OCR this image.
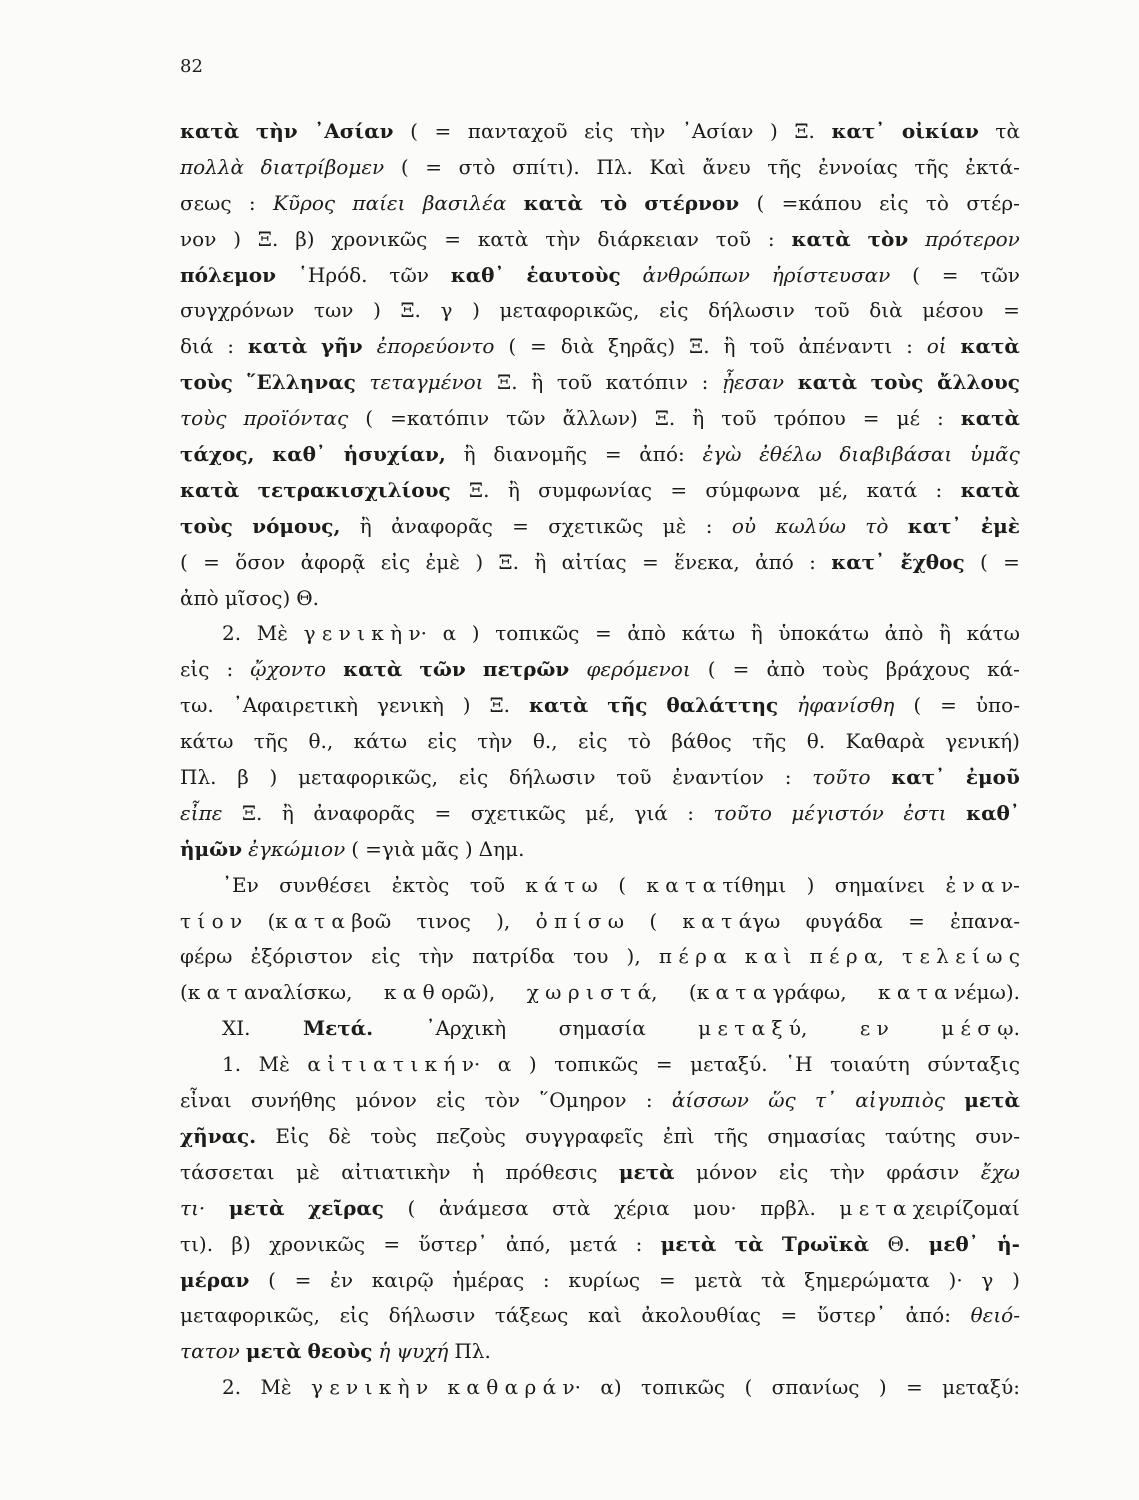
82
κατὰ τὴν ᾽Ασίαν ( = πανταχοῦ εἰς τὴν ᾽Ασίαν ) Ξ. κατ᾽ οἰκίαν τὰ
πολλὰ διατρίβομεν ( = στὸ σπίτι). Πλ. Καὶ ἄνευ τῆς ἐννοίας τῆς ἐκτά-
σεως : Κῦρος παίει βασιλέα κατὰ τὸ στέρνον ( =κάπου εἰς τὸ στέρ-
νον ) Ξ. β) χρονικῶς = κατὰ τὴν διάρκειαν τοῦ : κατὰ τὸν πρότερον
πόλεμον ῾Ηρόδ. τῶν καθ᾽ ἑαυτοὺς ἀνθρώπων ἠρίστευσαν ( = τῶν
συγχρόνων των ) Ξ. γ ) μεταφορικῶς, εἰς δήλωσιν τοῦ διὰ μέσου =
διά : κατὰ γῆν ἐπορεύοντο ( = διὰ ξηρᾶς) Ξ. ἢ τοῦ ἀπέναντι : οἱ κατὰ
τοὺς ῞Ελληνας τεταγμένοι Ξ. ἢ τοῦ κατόπιν : ᾖεσαν κατὰ τοὺς ἄλλους
τοὺς προϊόντας ( =κατόπιν τῶν ἄλλων) Ξ. ἢ τοῦ τρόπου = μέ : κατὰ
τάχος, καθ᾽ ἡσυχίαν, ἢ διανομῆς = ἀπό: ἐγὼ ἐθέλω διαβιβάσαι ὑμᾶς
κατὰ τετρακισχιλίους Ξ. ἢ συμφωνίας = σύμφωνα μέ, κατά : κατὰ
τοὺς νόμους, ἢ ἀναφορᾶς = σχετικῶς μὲ : οὐ κωλύω τὸ κατ᾽ ἐμὲ
( = ὅσον ἀφορᾷ εἰς ἐμὲ ) Ξ. ἢ αἰτίας = ἕνεκα, ἀπό : κατ᾽ ἔχθος ( =
ἀπὸ μῖσος) Θ.
2. Μὲ γ ε ν ι κ ὴ ν· α ) τοπικῶς = ἀπὸ κάτω ἢ ὑποκάτω ἀπὸ ἢ κάτω
εἰς : ᾤχοντο κατὰ τῶν πετρῶν φερόμενοι ( = ἀπὸ τοὺς βράχους κά-
τω. ᾽Αφαιρετικὴ γενικὴ ) Ξ. κατὰ τῆς θαλάττης ἠφανίσθη ( = ὑπο-
κάτω τῆς θ., κάτω εἰς τὴν θ., εἰς τὸ βάθος τῆς θ. Καθαρὰ γενική)
Πλ. β ) μεταφορικῶς, εἰς δήλωσιν τοῦ ἐναντίον : τοῦτο κατ᾽ ἐμοῦ
εἶπε Ξ. ἢ ἀναφορᾶς = σχετικῶς μέ, γιά : τοῦτο μέγιστόν ἐστι καθ᾽
ἡμῶν ἐγκώμιον ( =γιὰ μᾶς ) Δημ.
᾽Εν συνθέσει ἐκτὸς τοῦ κ ά τ ω ( κ α τ α τίθημι ) σημαίνει ἐ ν α ν-
τ ί ο ν (κ α τ α βοῶ τινος ), ὀ π ί σ ω ( κ α τ άγω φυγάδα = ἐπανα-
φέρω ἐξόριστον εἰς τὴν πατρίδα του ), π έ ρ α κ α ὶ π έ ρ α, τ ε λ ε ί ω ς
(κ α τ αναλίσκω, κ α θ ορῶ), χ ω ρ ι σ τ ά, (κ α τ α γράφω, κ α τ α νέμω).
XI.	Μετά.	᾽Αρχικὴ	σημασία	μ ε τ α ξ ύ,	ε ν	μ έ σ ῳ.
1. Μὲ α ἰ τ ι α τ ι κ ή ν· α ) τοπικῶς = μεταξύ. ῾Η τοιαύτη σύνταξις
εἶναι συνήθης μόνον εἰς τὸν ῞Ομηρον : ἀίσσων ὥς τ᾽ αἰγυπιὸς μετὰ
χῆνας. Εἰς δὲ τοὺς πεζοὺς συγγραφεῖς ἐπὶ τῆς σημασίας ταύτης συν-
τάσσεται μὲ αἰτιατικὴν ἡ πρόθεσις μετὰ μόνον εἰς τὴν φράσιν ἔχω
τι· μετὰ χεῖρας ( ἀνάμεσα στὰ χέρια μου· πρβλ. μ ε τ α χειρίζομαί
τι). β) χρονικῶς = ὕστερ᾽ ἀπό, μετά : μετὰ τὰ Τρωϊκὰ Θ. μεθ᾽ ἡ-
μέραν ( = ἐν καιρῷ ἡμέρας : κυρίως = μετὰ τὰ ξημερώματα )· γ )
μεταφορικῶς, εἰς δήλωσιν τάξεως καὶ ἀκολουθίας = ὕστερ᾽ ἀπό: θειό-
τατον μετὰ θεοὺς ἡ ψυχή Πλ.
2. Μὲ γ ε ν ι κ ὴ ν κ α θ α ρ ά ν· α) τοπικῶς ( σπανίως ) = μεταξύ:
